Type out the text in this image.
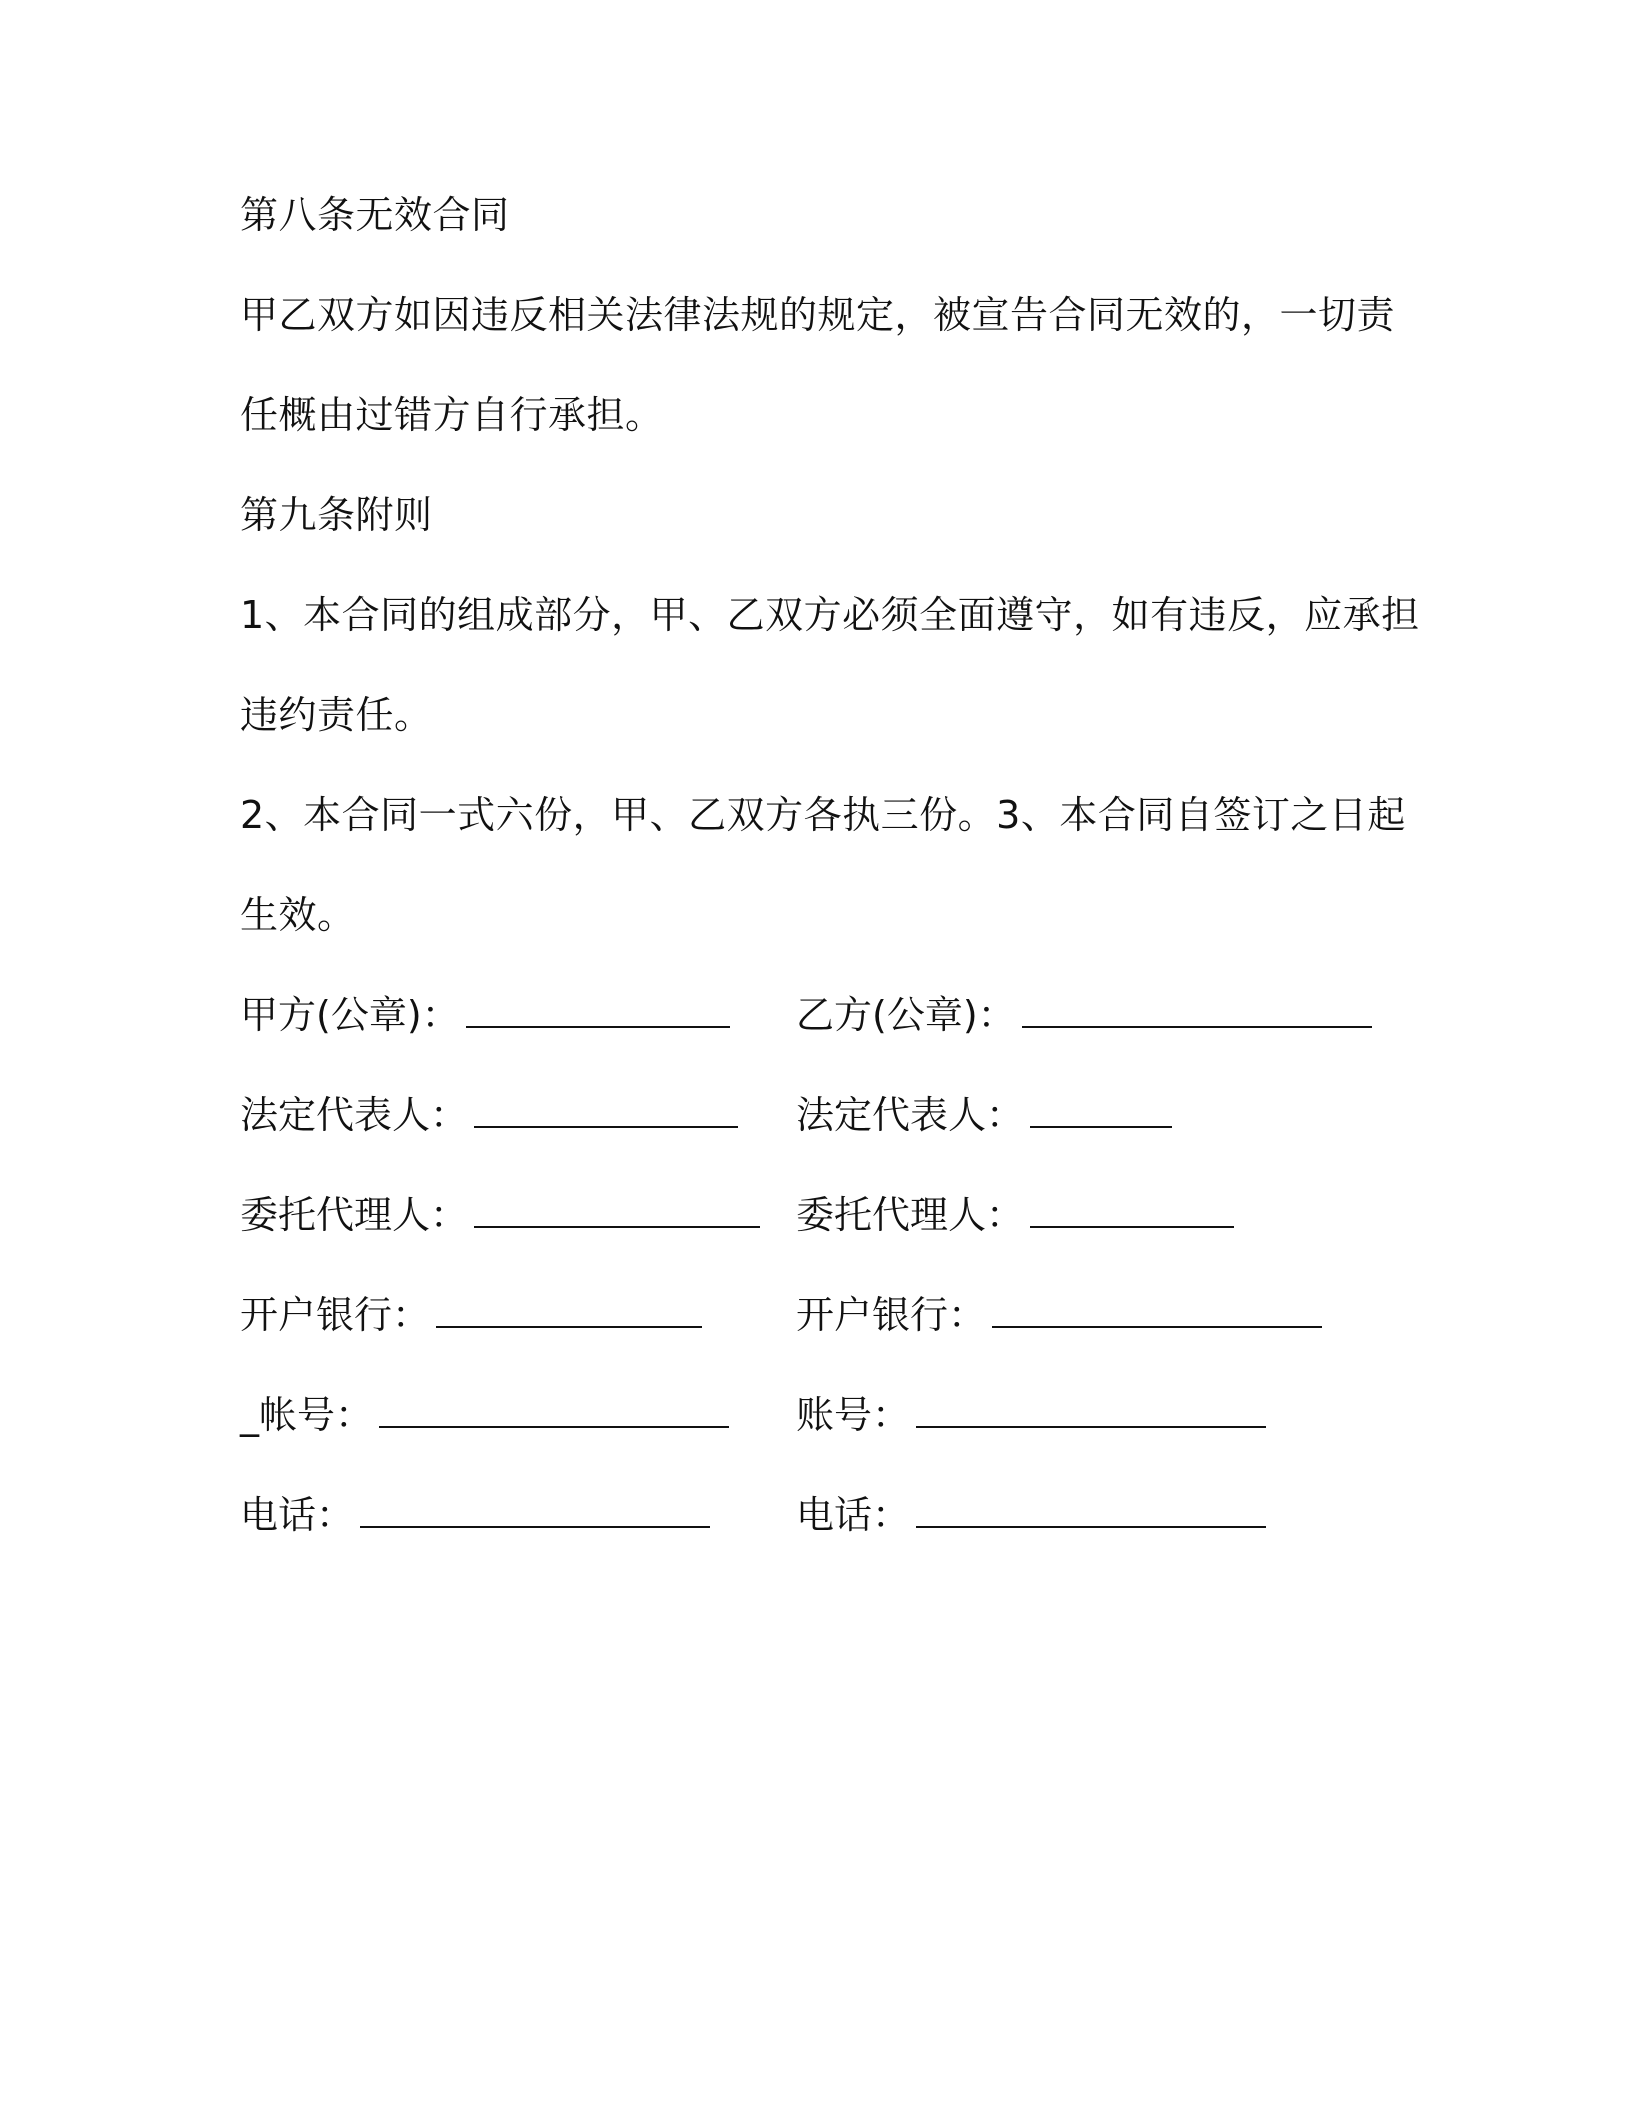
第八条无效合同
甲乙双方如因违反相关法律法规的规定，被宣告合同无效的，一切责
任概由过错方自行承担。
第九条附则
1、本合同的组成部分，甲、乙双方必须全面遵守，如有违反，应承担
违约责任。
2、本合同一式六份，甲、乙双方各执三份。3、本合同自签订之日起
生效。
甲方(公章)：	乙方(公章)：
法定代表人：	法定代表人：
委托代理人：	委托代理人：
开户银行：	开户银行：
_帐号：	账号：
电话：	电话：
